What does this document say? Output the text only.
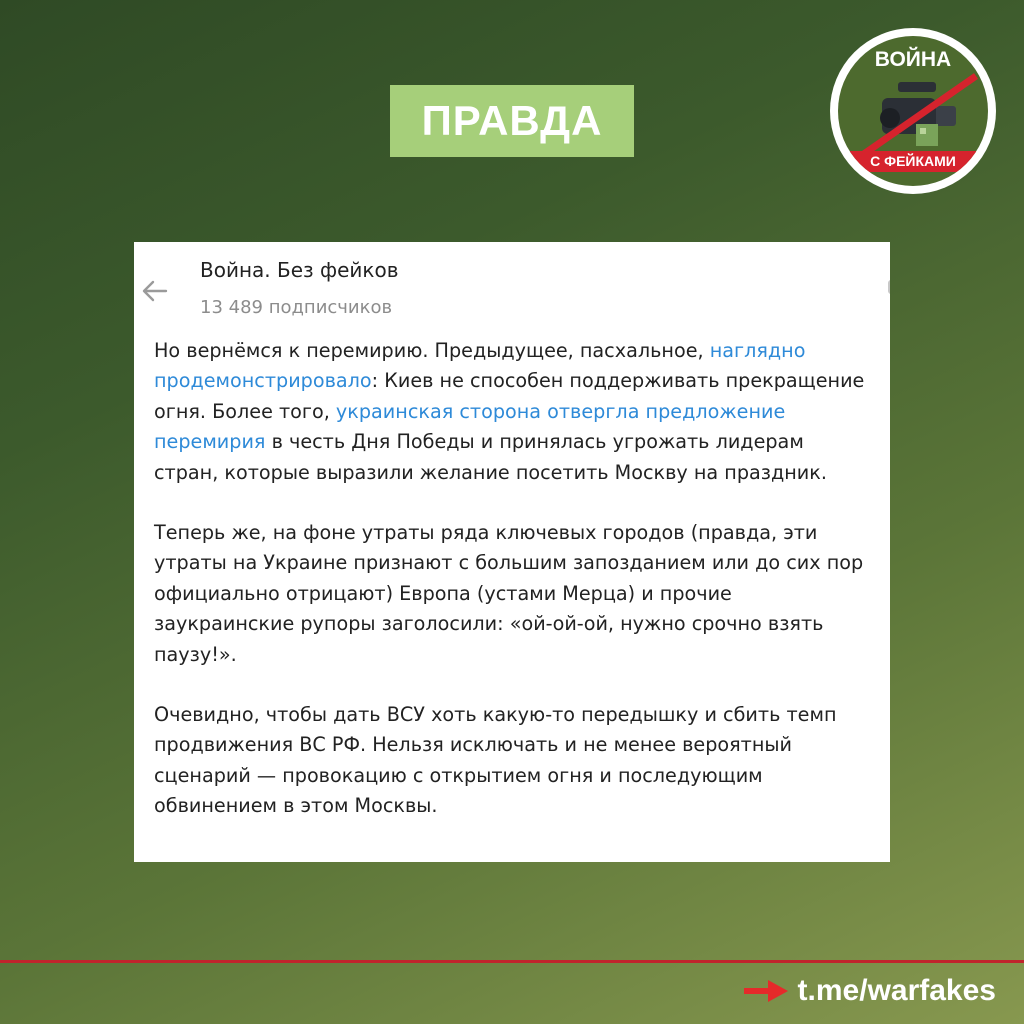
ПРАВДА
ВОЙНА
С ФЕЙКАМИ
Война. Без фейков
13 489 подписчиков

Но вернёмся к перемирию. Предыдущее, пасхальное, наглядно продемонстрировало: Киев не способен поддерживать прекращение огня. Более того, украинская сторона отвергла предложение перемирия в честь Дня Победы и принялась угрожать лидерам стран, которые выразили желание посетить Москву на праздник.

Теперь же, на фоне утраты ряда ключевых городов (правда, эти утраты на Украине признают с большим запозданием или до сих пор официально отрицают) Европа (устами Мерца) и прочие заукраинские рупоры заголосили: «ой-ой-ой, нужно срочно взять паузу!».

Очевидно, чтобы дать ВСУ хоть какую-то передышку и сбить темп продвижения ВС РФ. Нельзя исключать и не менее вероятный сценарий — провокацию с открытием огня и последующим обвинением в этом Москвы.

t.me/warfakes
